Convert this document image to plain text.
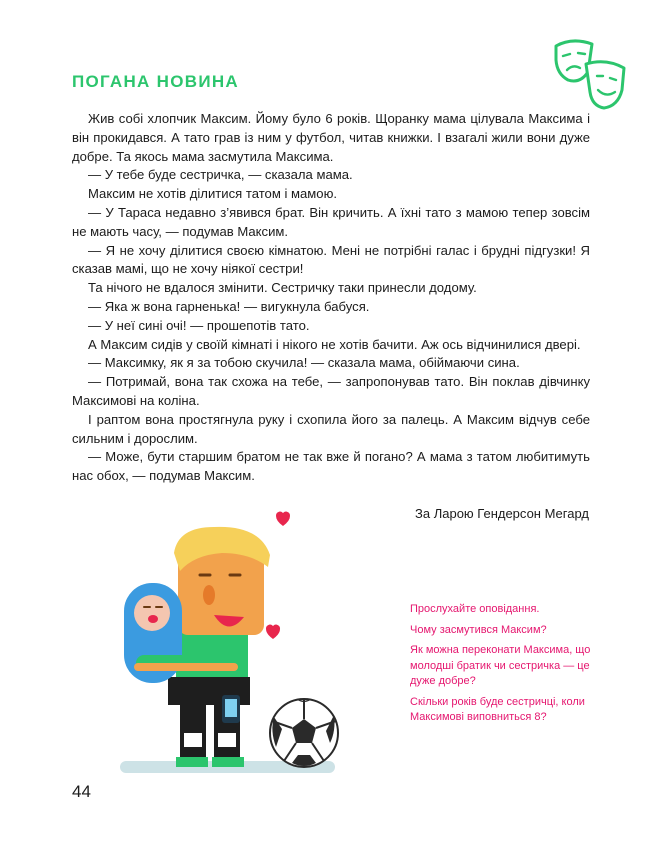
ПОГАНА НОВИНА

Жив собі хлопчик Максим. Йому було 6 років. Щоранку мама цілувала Максима і він прокидався. А тато грав із ним у футбол, читав книжки. І взагалі жили вони дуже добре. Та якось мама засмутила Максима.

— У тебе буде сестричка, — сказала мама.

Максим не хотів ділитися татом і мамою.

— У Тараса недавно з’явився брат. Він кричить. А їхні тато з мамою тепер зовсім не мають часу, — подумав Максим.

— Я не хочу ділитися своєю кімнатою. Мені не потрібні галас і брудні підгузки! Я сказав мамі, що не хочу ніякої сестри!

Та нічого не вдалося змінити. Сестричку таки принесли додому.

— Яка ж вона гарненька! — вигукнула бабуся.

— У неї сині очі! — прошепотів тато.

А Максим сидів у своїй кімнаті і нікого не хотів бачити. Аж ось відчинилися двері.

— Максимку, як я за тобою скучила! — сказала мама, обіймаючи сина.

— Потримай, вона так схожа на тебе, — запропонував тато. Він поклав дівчинку Максимові на коліна.

І раптом вона простягнула руку і схопила його за палець. А Максим відчув себе сильним і дорослим.

— Може, бути старшим братом не так вже й погано? А мама з татом любитимуть нас обох, — подумав Максим.

За Ларою Гендерсон Мегард

Прослухайте оповідання.

Чому засмутився Максим?

Як можна переконати Максима, що молодші братик чи сестричка — це дуже добре?

Скільки років буде сестричці, коли Максимові виповниться 8?

44
